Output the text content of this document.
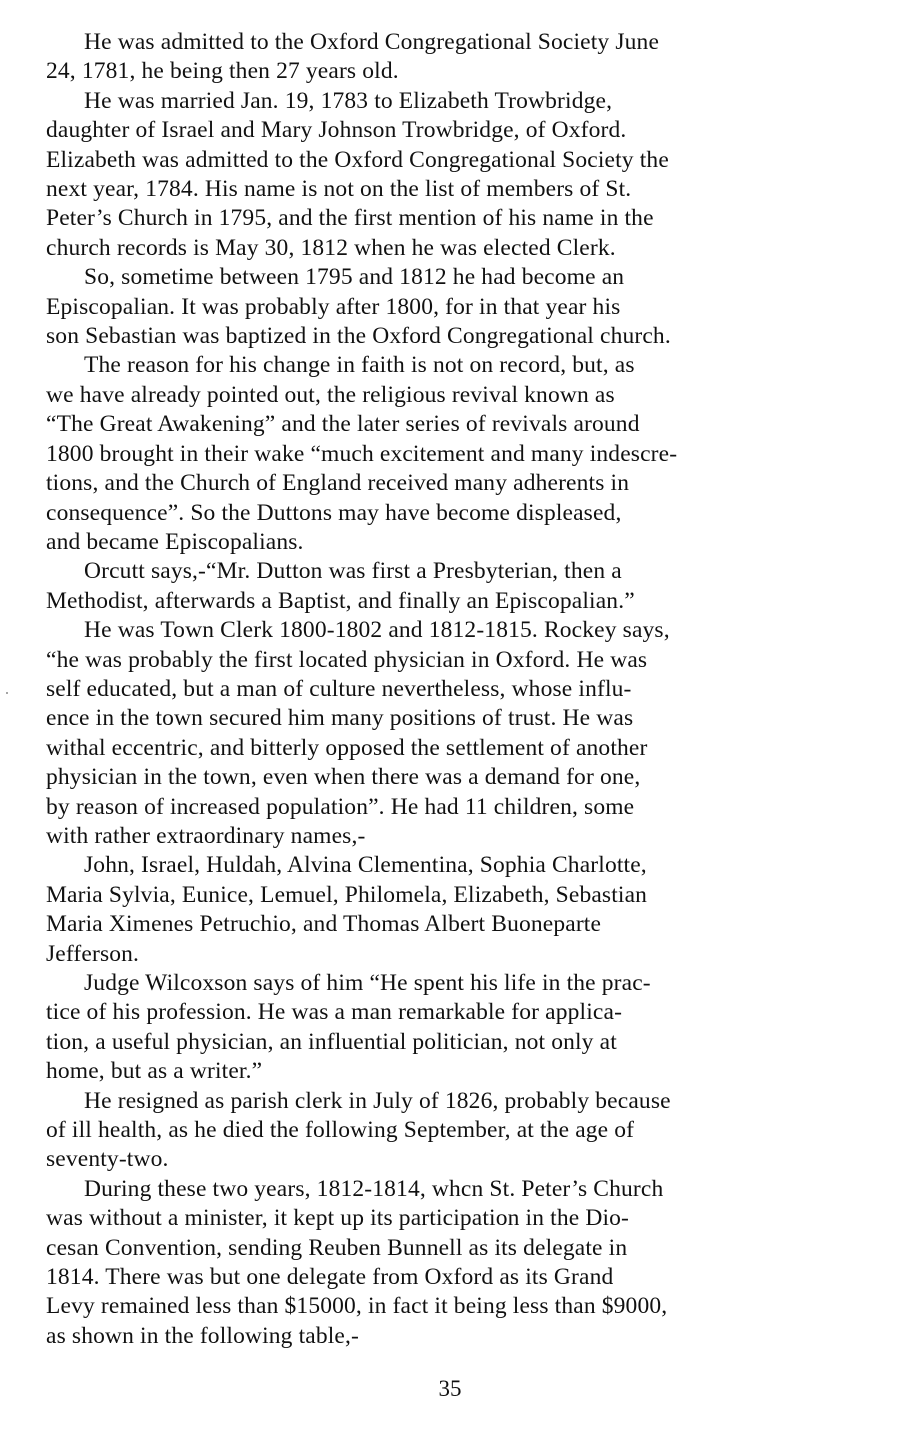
He was admitted to the Oxford Congregational Society June
24, 1781, he being then 27 years old.
He was married Jan. 19, 1783 to Elizabeth Trowbridge,
daughter of Israel and Mary Johnson Trowbridge, of Oxford.
Elizabeth was admitted to the Oxford Congregational Society the
next year, 1784. His name is not on the list of members of St.
Peter’s Church in 1795, and the first mention of his name in the
church records is May 30, 1812 when he was elected Clerk.
So, sometime between 1795 and 1812 he had become an
Episcopalian. It was probably after 1800, for in that year his
son Sebastian was baptized in the Oxford Congregational church.
The reason for his change in faith is not on record, but, as
we have already pointed out, the religious revival known as
“The Great Awakening” and the later series of revivals around
1800 brought in their wake “much excitement and many indescre-
tions, and the Church of England received many adherents in
consequence”. So the Duttons may have become displeased,
and became Episcopalians.
Orcutt says,-“Mr. Dutton was first a Presbyterian, then a
Methodist, afterwards a Baptist, and finally an Episcopalian.”
He was Town Clerk 1800-1802 and 1812-1815. Rockey says,
“he was probably the first located physician in Oxford. He was
self educated, but a man of culture nevertheless, whose influ-
ence in the town secured him many positions of trust. He was
withal eccentric, and bitterly opposed the settlement of another
physician in the town, even when there was a demand for one,
by reason of increased population”. He had 11 children, some
with rather extraordinary names,-
John, Israel, Huldah, Alvina Clementina, Sophia Charlotte,
Maria Sylvia, Eunice, Lemuel, Philomela, Elizabeth, Sebastian
Maria Ximenes Petruchio, and Thomas Albert Buoneparte
Jefferson.
Judge Wilcoxson says of him “He spent his life in the prac-
tice of his profession. He was a man remarkable for applica-
tion, a useful physician, an influential politician, not only at
home, but as a writer.”
He resigned as parish clerk in July of 1826, probably because
of ill health, as he died the following September, at the age of
seventy-two.
During these two years, 1812-1814, whcn St. Peter’s Church
was without a minister, it kept up its participation in the Dio-
cesan Convention, sending Reuben Bunnell as its delegate in
1814. There was but one delegate from Oxford as its Grand
Levy remained less than $15000, in fact it being less than $9000,
as shown in the following table,-
35
